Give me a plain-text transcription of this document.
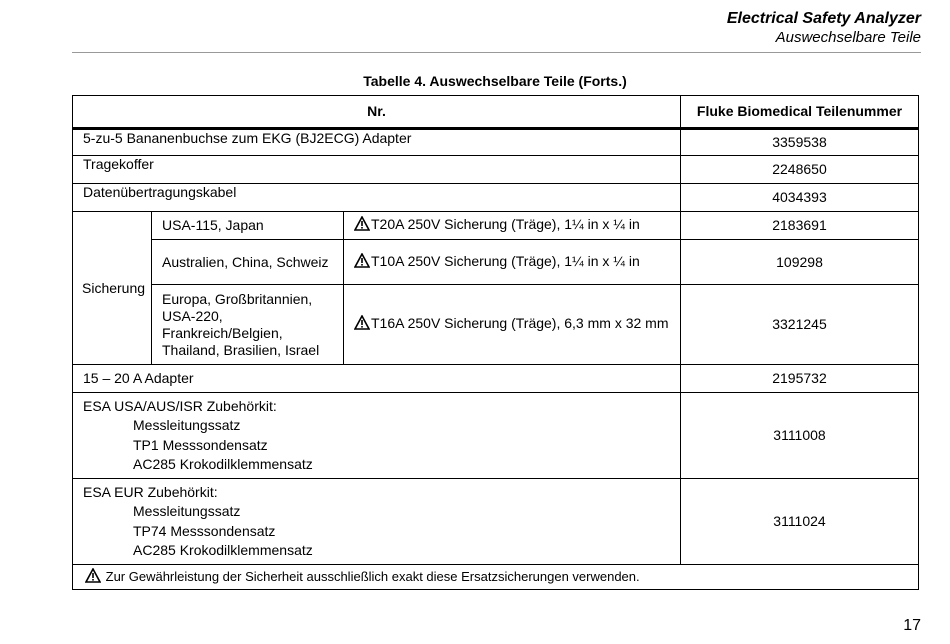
Electrical Safety Analyzer
Auswechselbare Teile
Tabelle 4. Auswechselbare Teile (Forts.)
Nr.			Fluke Biomedical Teilenummer
5-zu-5 Bananenbuchse zum EKG (BJ2ECG) Adapter			3359538
Tragekoffer			2248650
Datenübertragungskabel			4034393
Sicherung	USA-115, Japan	T20A 250V Sicherung (Träge), 1¼ in x ¼ in	2183691
	Australien, China, Schweiz	T10A 250V Sicherung (Träge), 1¼ in x ¼ in	109298
	Europa, Großbritannien, USA-220, Frankreich/Belgien, Thailand, Brasilien, Israel	T16A 250V Sicherung (Träge), 6,3 mm x 32 mm	3321245
15 – 20 A Adapter			2195732
ESA USA/AUS/ISR Zubehörkit:
Messleitungssatz
TP1 Messsondensatz
AC285 Krokodilklemmensatz			3111008
ESA EUR Zubehörkit:
Messleitungssatz
TP74 Messsondensatz
AC285 Krokodilklemmensatz			3111024
Zur Gewährleistung der Sicherheit ausschließlich exakt diese Ersatzsicherungen verwenden.			
17
